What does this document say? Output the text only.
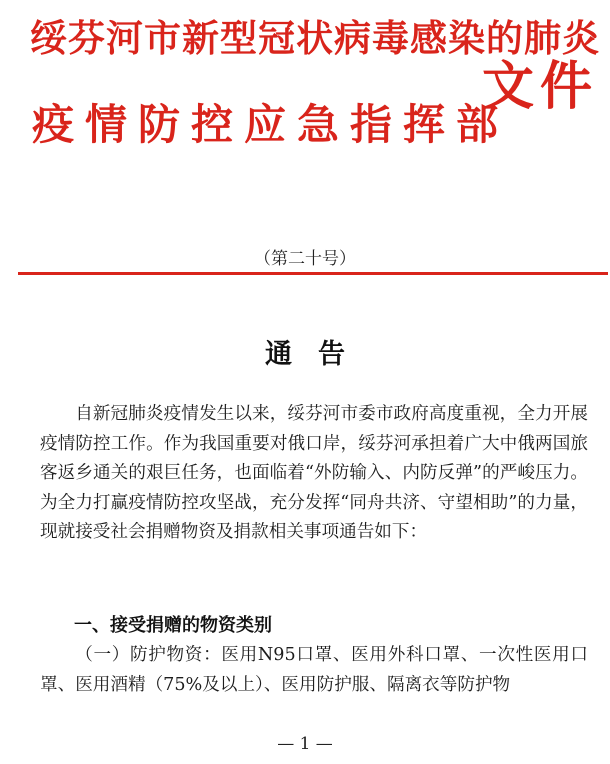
绥芬河市新型冠状病毒感染的肺炎
疫情防控应急指挥部
文件
（第二十号）
通告

自新冠肺炎疫情发生以来，绥芬河市委市政府高度重视，全力开展疫情防控工作。作为我国重要对俄口岸，绥芬河承担着广大中俄两国旅客返乡通关的艰巨任务，也面临着“外防输入、内防反弹”的严峻压力。为全力打赢疫情防控攻坚战，充分发挥“同舟共济、守望相助”的力量，现就接受社会捐赠物资及捐款相关事项通告如下：

一、接受捐赠的物资类别

（一）防护物资：医用N95口罩、医用外科口罩、一次性医用口罩、医用酒精（75%及以上）、医用防护服、隔离衣等防护物

— 1 —
